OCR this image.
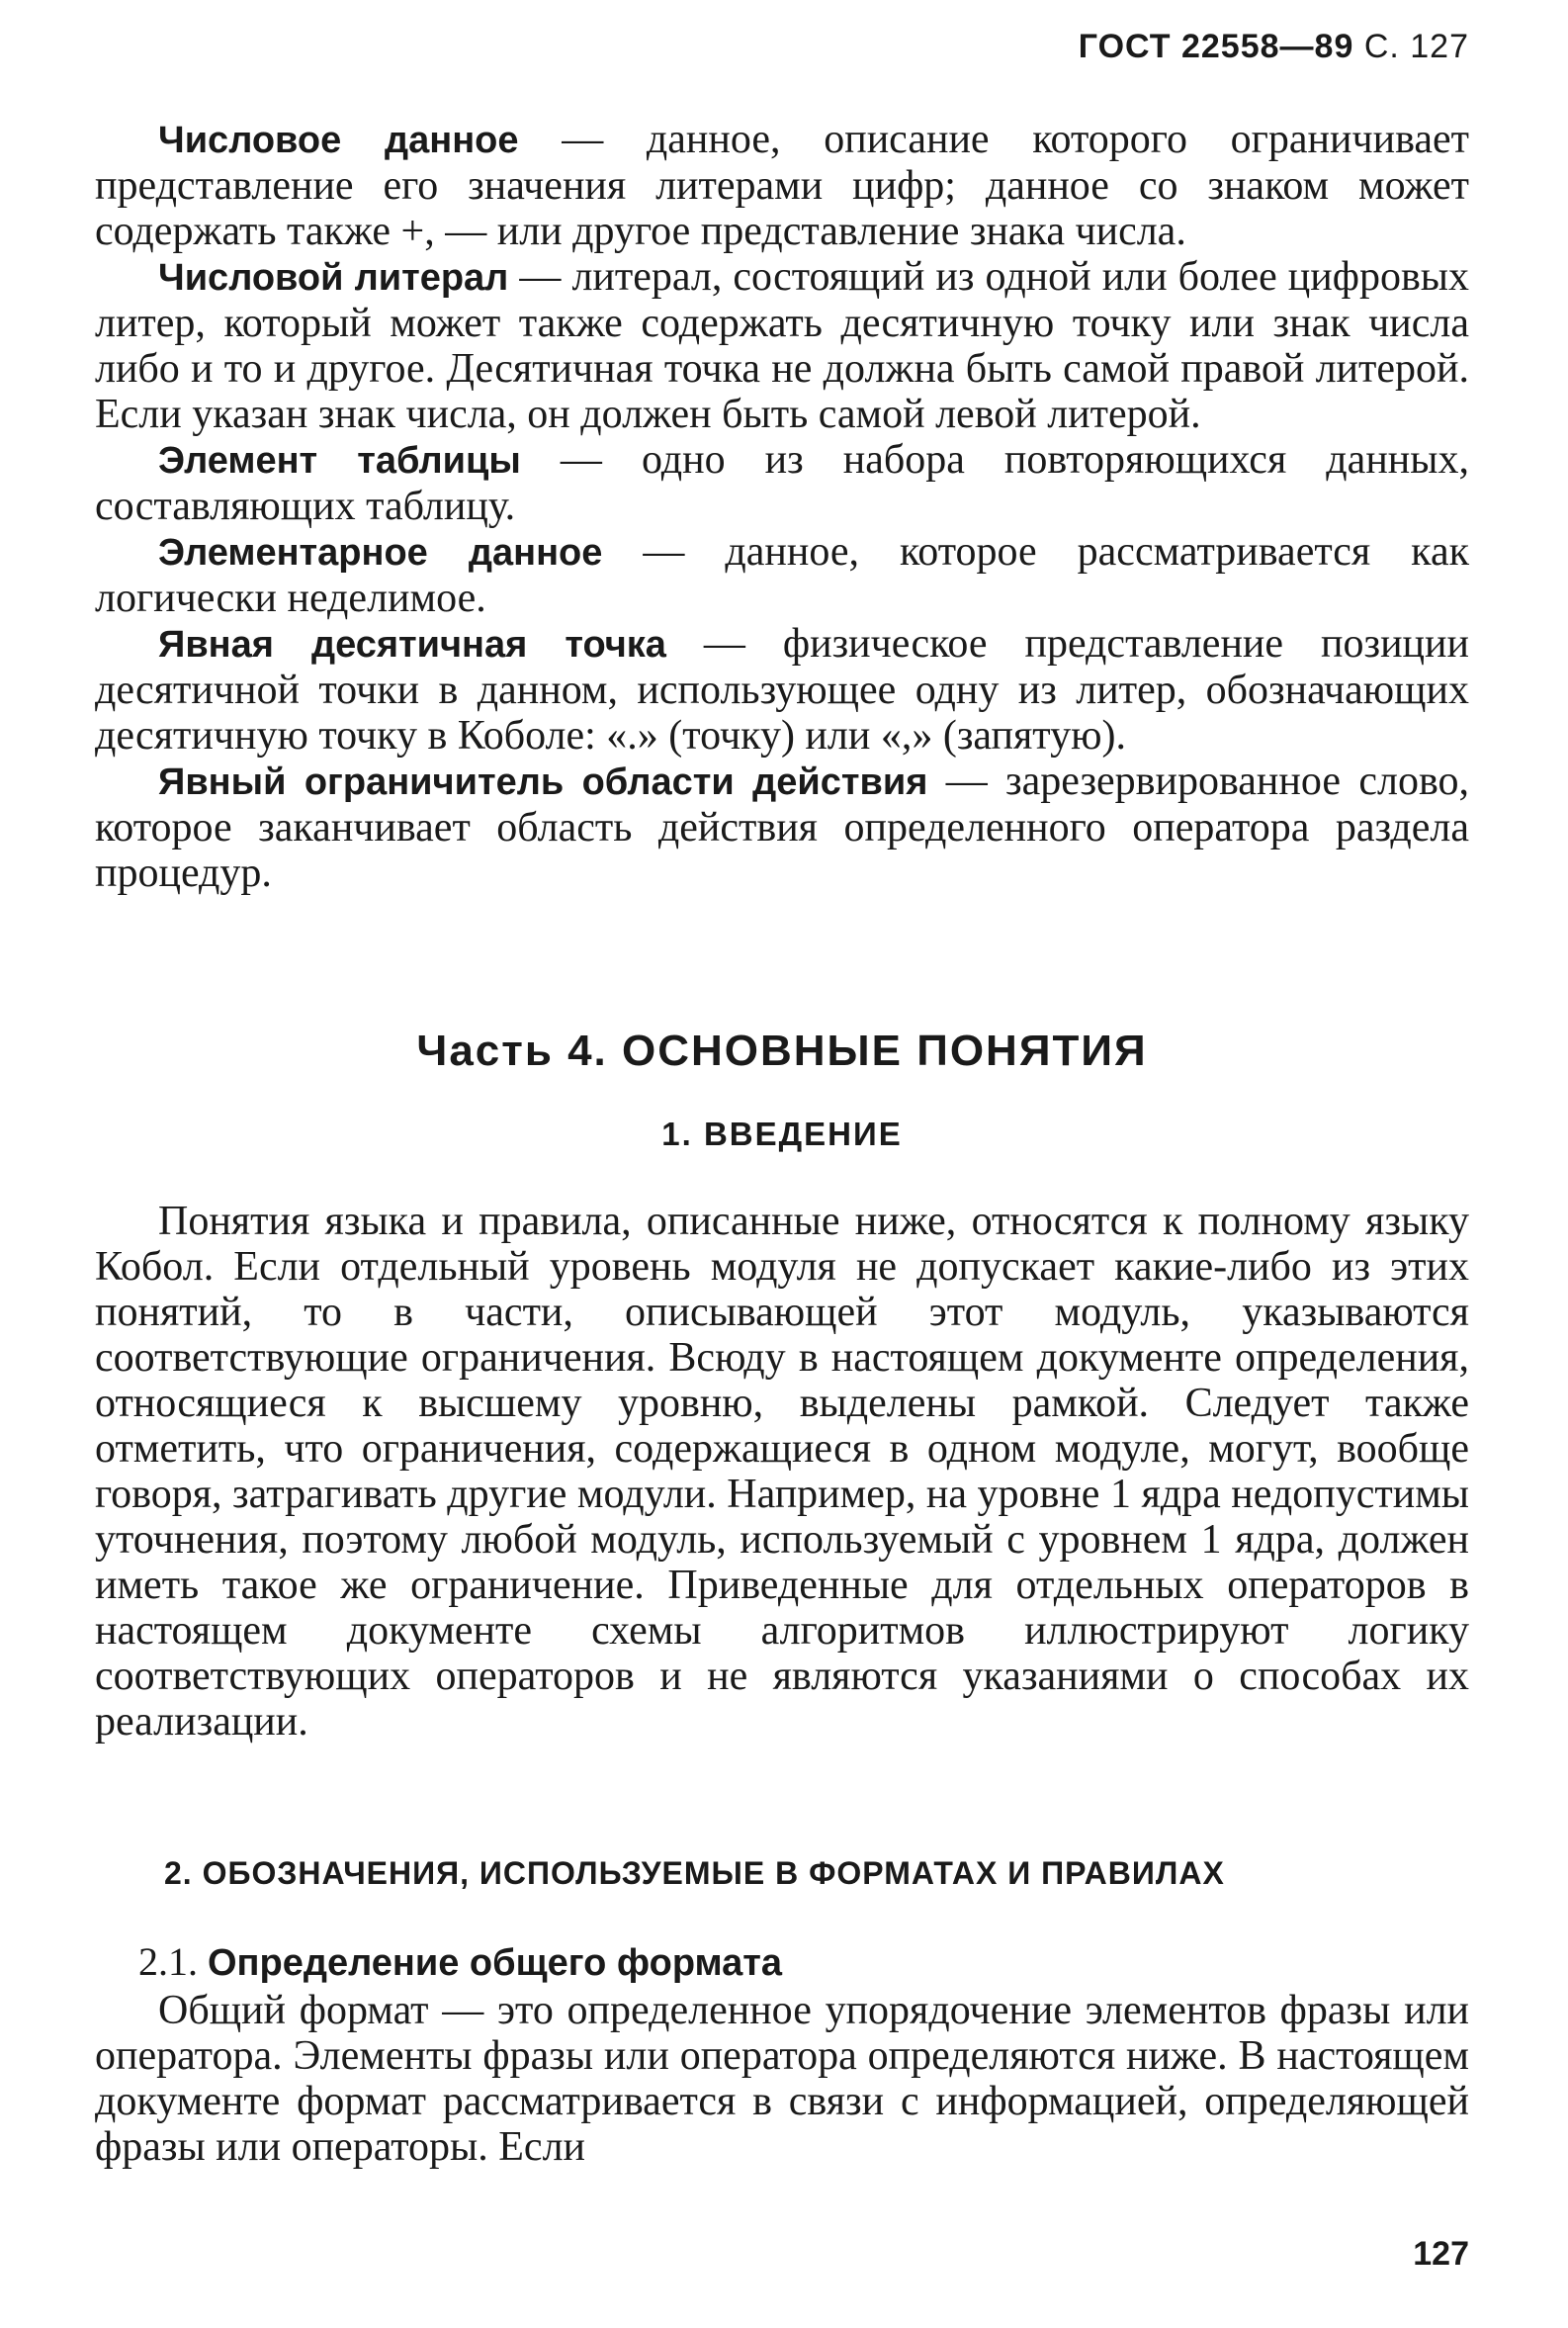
ГОСТ 22558—89 С. 127

Числовое данное — данное, описание которого ограничивает представление его значения литерами цифр; данное со знаком может содержать также +, — или другое представление знака числа.

Числовой литерал — литерал, состоящий из одной или более цифровых литер, который может также содержать десятичную точку или знак числа либо и то и другое. Десятичная точка не должна быть самой правой литерой. Если указан знак числа, он должен быть самой левой литерой.

Элемент таблицы — одно из набора повторяющихся данных, составляющих таблицу.

Элементарное данное — данное, которое рассматривается как логически неделимое.

Явная десятичная точка — физическое представление позиции десятичной точки в данном, использующее одну из литер, обозначающих десятичную точку в Коболе: «.» (точку) или «,» (запятую).

Явный ограничитель области действия — зарезервированное слово, которое заканчивает область действия определенного оператора раздела процедур.

Часть 4. ОСНОВНЫЕ ПОНЯТИЯ
1. ВВЕДЕНИЕ

Понятия языка и правила, описанные ниже, относятся к полному языку Кобол. Если отдельный уровень модуля не допускает какие-либо из этих понятий, то в части, описывающей этот модуль, указываются соответствующие ограничения. Всюду в настоящем документе определения, относящиеся к высшему уровню, выделены рамкой. Следует также отметить, что ограничения, содержащиеся в одном модуле, могут, вообще говоря, затрагивать другие модули. Например, на уровне 1 ядра недопустимы уточнения, поэтому любой модуль, используемый с уровнем 1 ядра, должен иметь такое же ограничение. Приведенные для отдельных операторов в настоящем документе схемы алгоритмов иллюстрируют логику соответствующих операторов и не являются указаниями о способах их реализации.

2. ОБОЗНАЧЕНИЯ, ИСПОЛЬЗУЕМЫЕ В ФОРМАТАХ И ПРАВИЛАХ
2.1. Определение общего формата

Общий формат — это определенное упорядочение элементов фразы или оператора. Элементы фразы или оператора определяются ниже. В настоящем документе формат рассматривается в связи с информацией, определяющей фразы или операторы. Если

127
